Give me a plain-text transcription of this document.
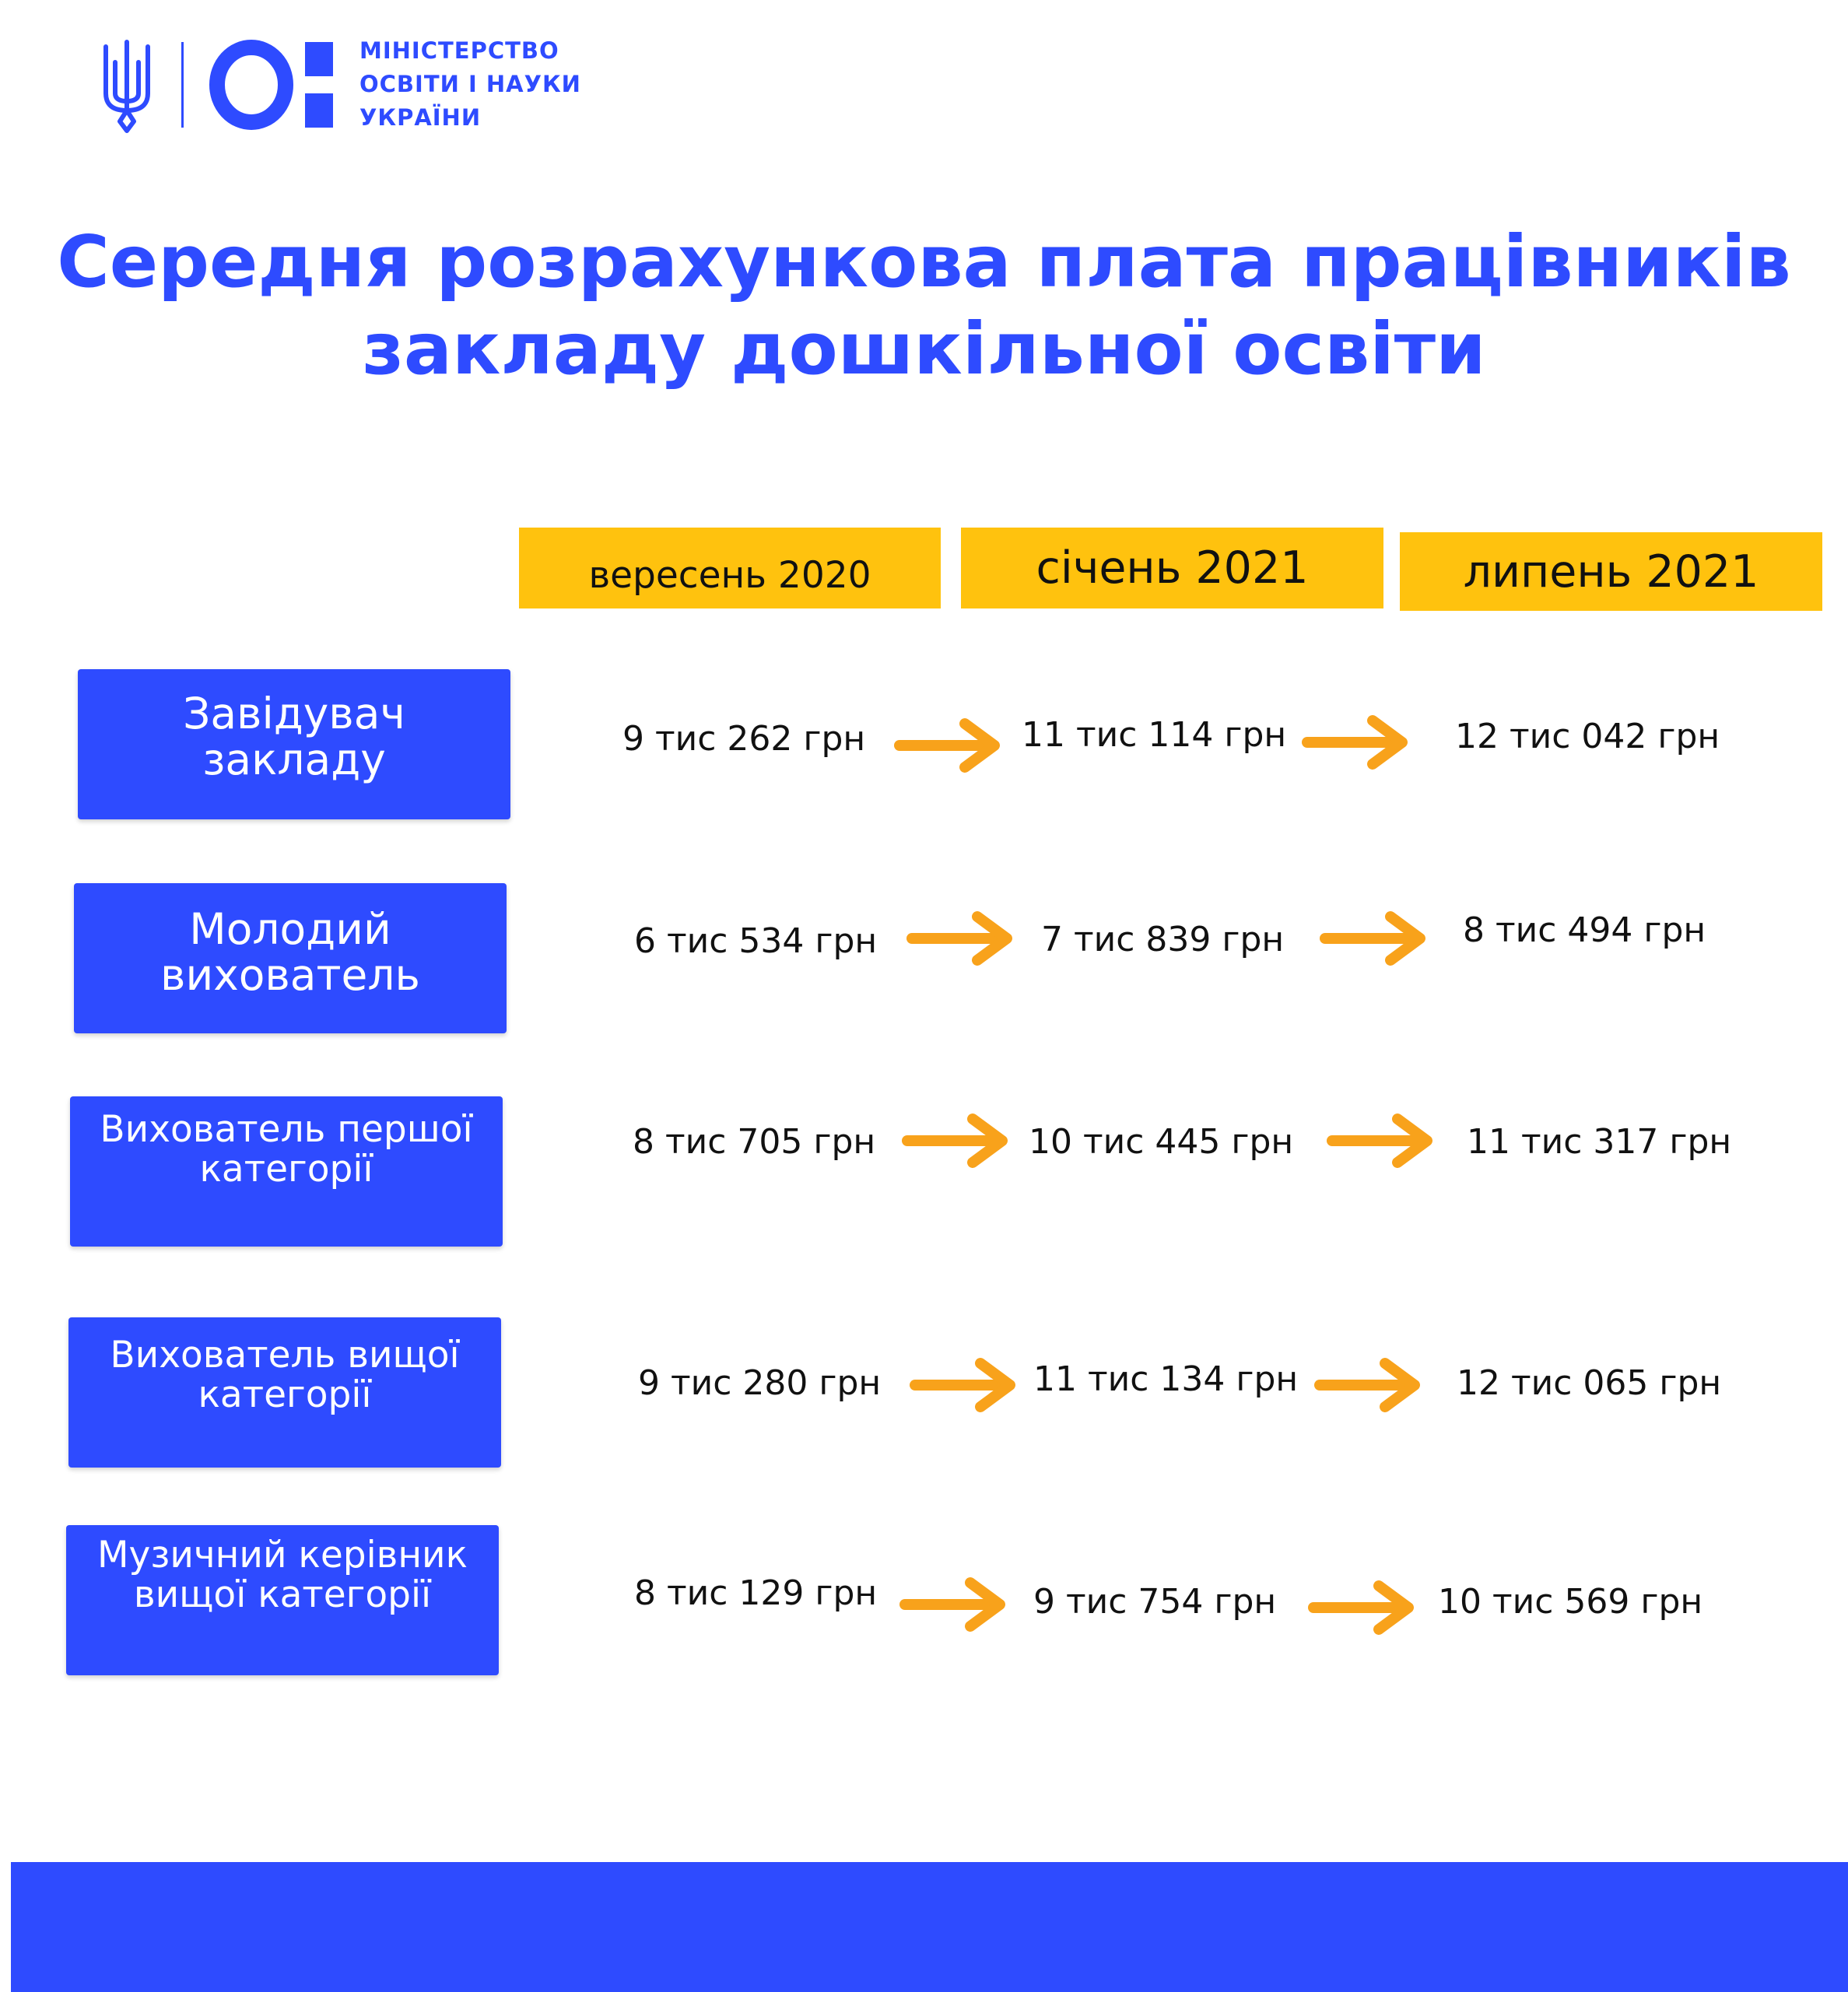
МІНІСТЕРСТВО
ОСВІТИ І НАУКИ
УКРАЇНИ
Середня розрахункова плата працівників
закладу дошкільної освіти
вересень 2020	січень 2021	липень 2021
Завідувач
закладу	9 тис 262 грн	11 тис 114 грн	12 тис 042 грн
Молодий
вихователь
6 тис 534 грн	7 тис 839 грн	8 тис 494 грн
Вихователь першої
категорії
8 тис 705 грн	10 тис 445 грн	11 тис 317 грн
Вихователь вищої
категорії	9 тис 280 грн	11 тис 134 грн	12 тис 065 грн
Музичний керівник
вищої категорії	8 тис 129 грн	9 тис 754 грн	10 тис 569 грн
